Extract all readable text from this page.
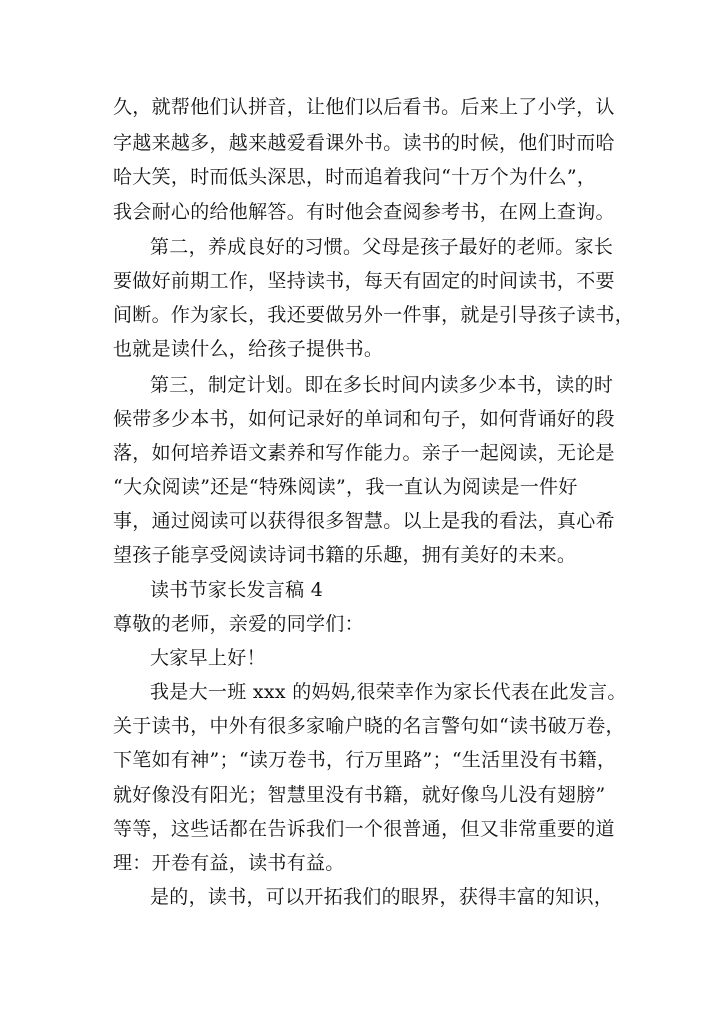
久，就帮他们认拼音，让他们以后看书。后来上了小学，认
字越来越多，越来越爱看课外书。读书的时候，他们时而哈
哈大笑，时而低头深思，时而追着我问“十万个为什么”，
我会耐心的给他解答。有时他会查阅参考书，在网上查询。
第二，养成良好的习惯。父母是孩子最好的老师。家长
要做好前期工作，坚持读书，每天有固定的时间读书，不要
间断。作为家长，我还要做另外一件事，就是引导孩子读书，
也就是读什么，给孩子提供书。
第三，制定计划。即在多长时间内读多少本书，读的时
候带多少本书，如何记录好的单词和句子，如何背诵好的段
落，如何培养语文素养和写作能力。亲子一起阅读，无论是
“大众阅读”还是“特殊阅读”，我一直认为阅读是一件好
事，通过阅读可以获得很多智慧。以上是我的看法，真心希
望孩子能享受阅读诗词书籍的乐趣，拥有美好的未来。
读书节家长发言稿 4
尊敬的老师，亲爱的同学们：
大家早上好！
我是大一班 xxx 的妈妈,很荣幸作为家长代表在此发言。
关于读书，中外有很多家喻户晓的名言警句如“读书破万卷，
下笔如有神”；“读万卷书，行万里路”；“生活里没有书籍，
就好像没有阳光；智慧里没有书籍，就好像鸟儿没有翅膀”
等等，这些话都在告诉我们一个很普通，但又非常重要的道
理：开卷有益，读书有益。
是的，读书，可以开拓我们的眼界，获得丰富的知识，
